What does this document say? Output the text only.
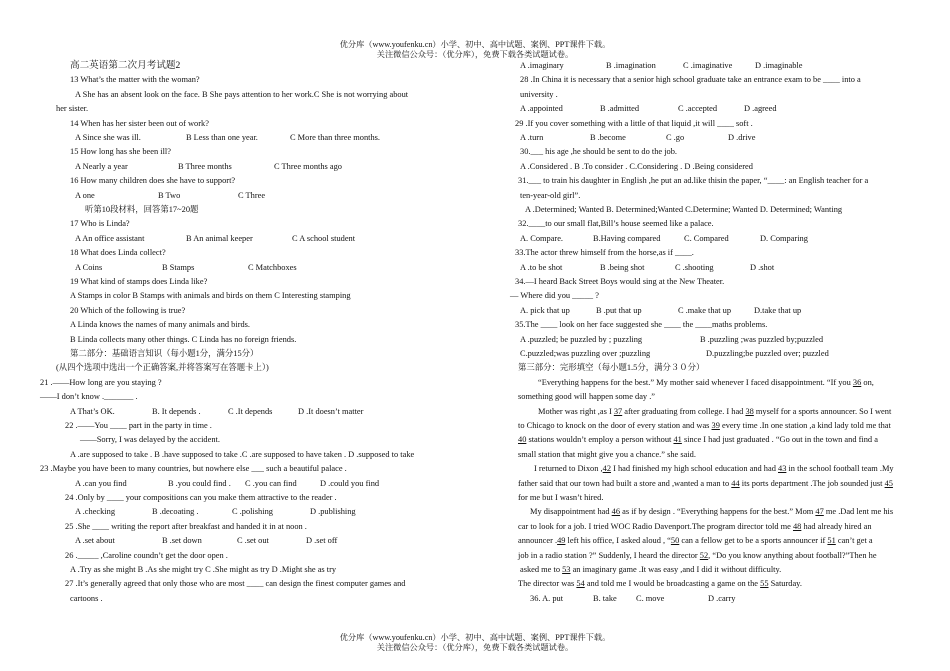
优分库（www.youfenku.cn）小学、初中、高中试题、案例、PPT课件下载。
关注微信公众号：（优分库），免费下载各类试题试卷。
高二英语第二次月考试题2
13 What’s the matter with the woman?
A She has an absent look on the face. B She pays attention to her work.C She is not worrying about
her sister.
14 When has her sister been out of work?
A Since she was ill.	B Less than one year.	C More than three months.
15 How long has she been ill?
A Nearly a year	B Three months	C Three months ago
16 How many children does she have to support?
A one	B Two	C Three
听第10段材料，回答第17~20题
17 Who is Linda?
A An office assistant	B An animal keeper	C A school student
18 What does Linda collect?
A Coins	B Stamps	C Matchboxes
19 What kind of stamps does Linda like?
A Stamps in color B Stamps with animals and birds on them C Interesting stamping
20 Which of the following is true?
A Linda knows the names of many animals and birds.
B Linda collects many other things. C Linda has no foreign friends.
第二部分：基础语言知识（每小题1分，满分15分）
(从四个选项中选出一个正确答案,并将答案写在答题卡上）)
21 .——How long are you staying ?
——I don’t know ._______ .
A That’s OK.	B. It depends .	C .It depends	D .It doesn’t matter
22 .——You ____ part in the party in time .
——Sorry, I was delayed by the accident.
A .are supposed to take . B .have supposed to take .C .are supposed to have taken . D .supposed to take
23 .Maybe you have been to many countries, but nowhere else ___ such a beautiful palace .
A .can you find	B .you could find . C .you can find	D .could you find
24 .Only by ____ your compositions can you make them attractive to the reader .
A .checking	B .decoating .	C .polishing	D .publishing
25 .She ____ writing the report after breakfast and handed it in at noon .
A .set about	B .set down	C .set out	D .set off
26 ._____ ,Caroline coundn’t get the door open .
A .Try as she might B .As she might try C .She might as try D .Might she as try
27 .It’s generally agreed that only those who are most ____ can design the finest computer games and
cartoons .
A .imaginary	B .imagination	C .imaginative	D .imaginable
28 .In China it is necessary that a senior high school graduate take an entrance exam to be ____ into a
university .
A .appointed	B .admitted	C .accepted	D .agreed
29 .If you cover something with a little of that liquid ,it will ____ soft .
A .turn	B .become	C .go	D .drive
30.___ his age ,he should be sent to do the job.
A .Considered . B .To consider . C.Considering . D .Being considered
31.___ to train his daughter in English ,he put an ad.like thisin the paper, “____: an English teacher for a
ten-year-old girl”.
A .Determined; Wanted B. Determined;Wanted C.Determine; Wanted D. Determined; Wanting
32.____to our small flat,Bill’s house seemed like a palace.
A. Compare.	B.Having compared	C. Compared	D. Comparing
33.The actor threw himself from the horse,as if ____.
A .to be shot	B .being shot	C .shooting	D .shot
34.—I heard Back Street Boys would sing at the New Theater.
— Where did you _____ ?
A. pick that up	B .put that up	C .make that up	D.take that up
35.The ____ look on her face suggested she ____ the ____maths problems.
A .puzzled; be puzzled by ; puzzling	B .puzzling ;was puzzled by;puzzled
C.puzzled;was puzzling over ;puzzling	D.puzzling;be puzzled over; puzzled
第三部分：完形填空（每小题1.5分，满分３０分）
“Everything happens for the best.” My mother said whenever I faced disappointment. “If you 36 on,
something good will happen some day .”
Mother was right ,as I 37 after graduating from college. I had 38 myself for a sports announcer. So I went
to Chicago to knock on the door of every station and was 39 every time .In one station ,a kind lady told me that
40 stations wouldn’t employ a person without 41 since I had just graduated . “Go out in the town and find a
small station that might give you a chance.” she said.
I returned to Dixon ,42 I had finished my high school education and had 43 in the school football team .My
father said that our town had built a store and ,wanted a man to 44 its ports department .The job sounded just 45
for me but I wasn’t hired.
My disappointment had 46 as if by design . “Everything happens for the best.” Mom 47 me .Dad lent me his
car to look for a job. I tried WOC Radio Davenport.The program director told me 48 had already hired an
announcer .49 left his office, I asked aloud , “50 can a fellow get to be a sports announcer if 51 can’t get a
job in a radio station ?” Suddenly, I heard the director 52, “Do you know anything about football?”Then he
asked me to 53 an imaginary game .It was easy ,and I did it without difficulty.
The director was 54 and told me I would be broadcasting a game on the 55 Saturday.
36. A. put	B. take C. move	D .carry
优分库（www.youfenku.cn）小学、初中、高中试题、案例、PPT课件下载。
关注微信公众号：（优分库），免费下载各类试题试卷。
